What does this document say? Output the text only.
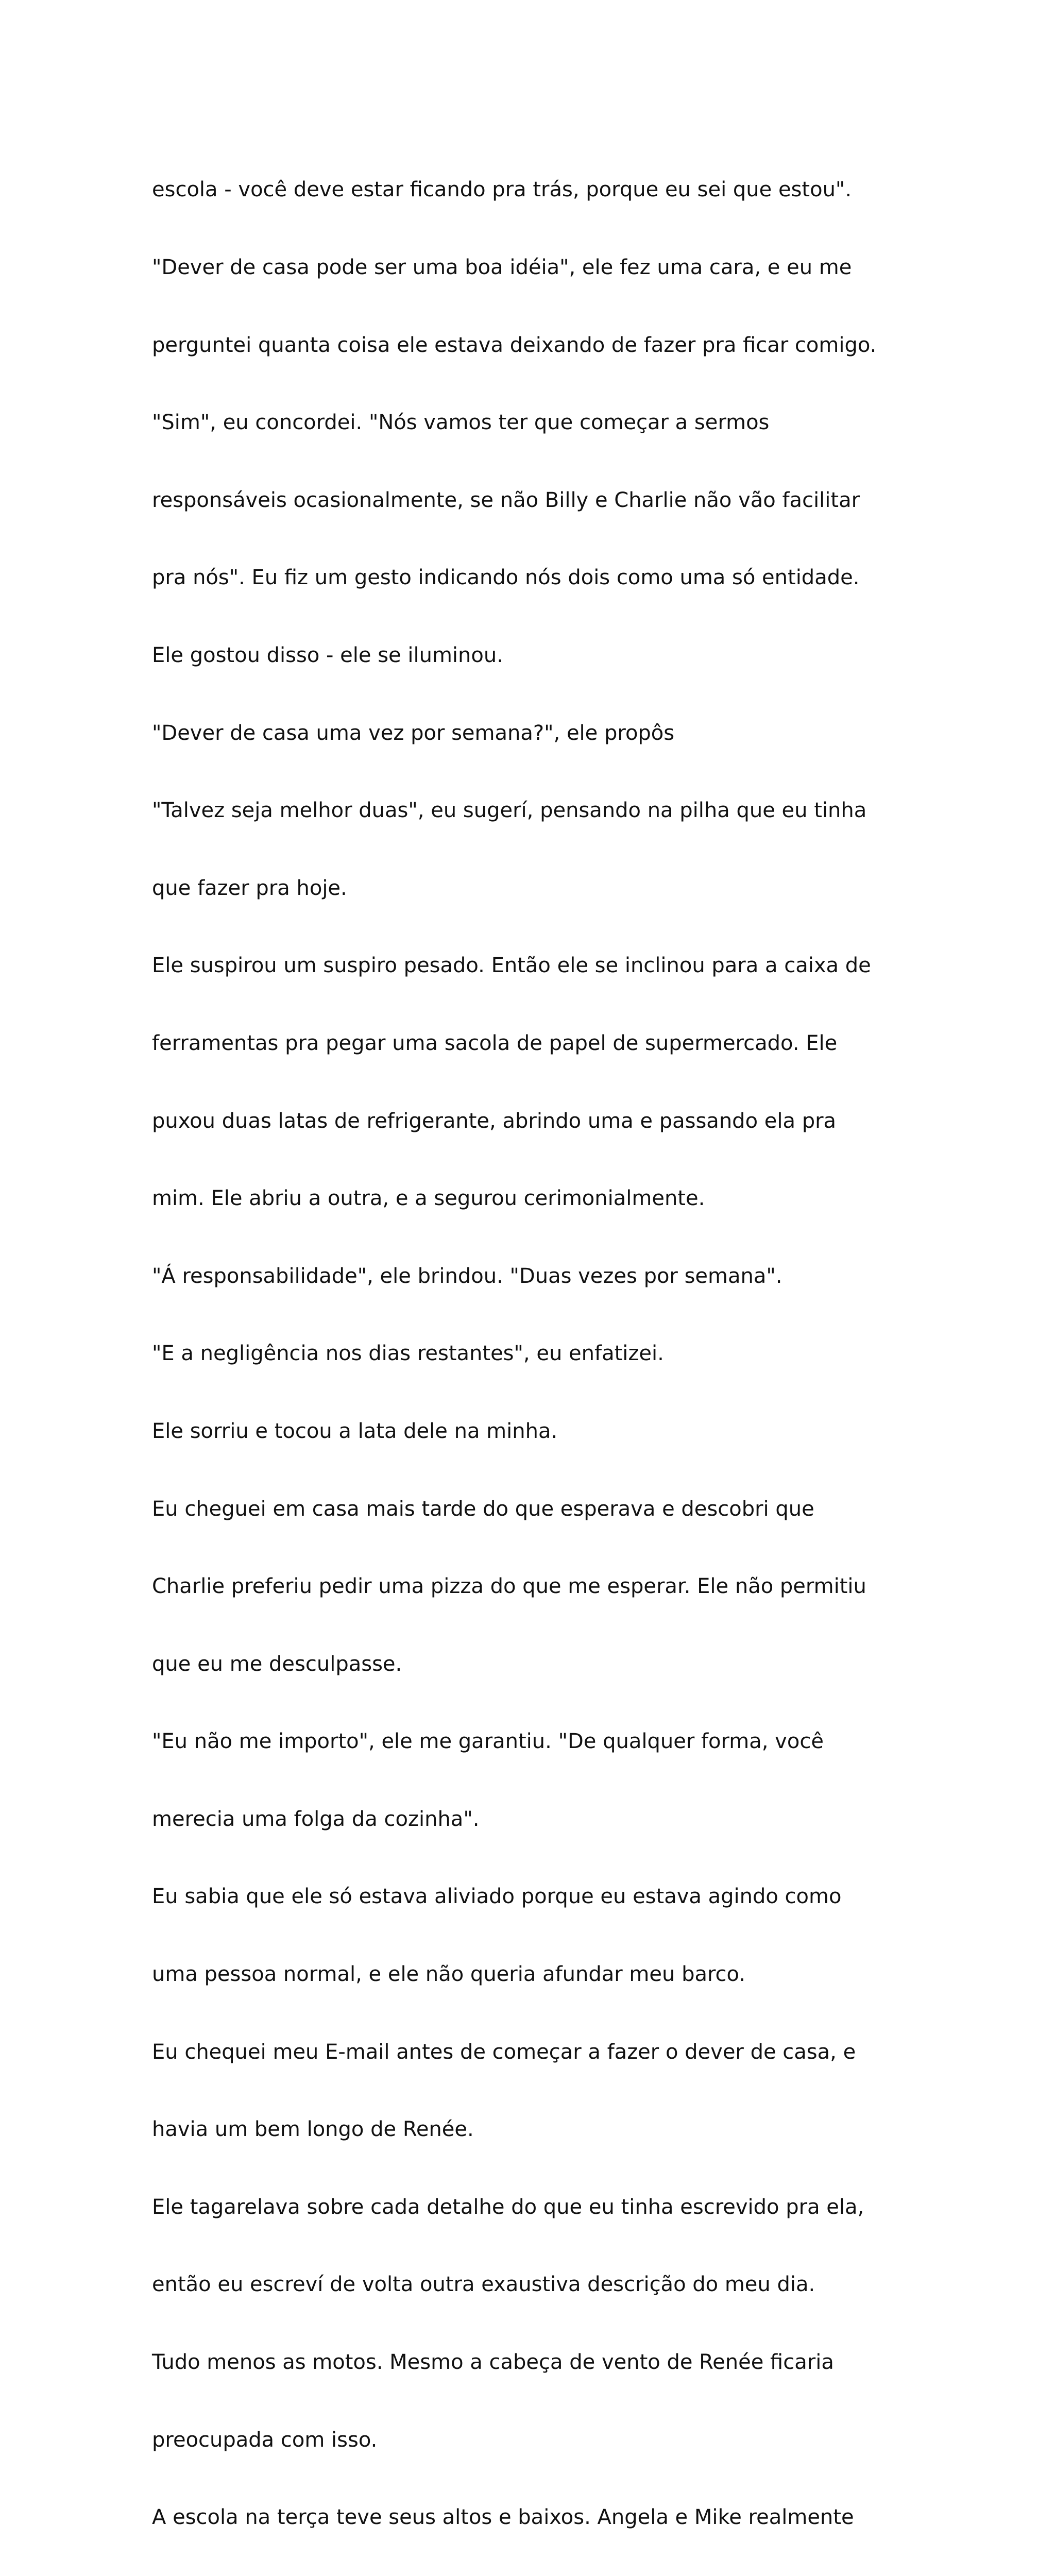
escola - você deve estar ficando pra trás, porque eu sei que estou".

"Dever de casa pode ser uma boa idéia", ele fez uma cara, e eu me

perguntei quanta coisa ele estava deixando de fazer pra ficar comigo.

"Sim", eu concordei. "Nós vamos ter que começar a sermos

responsáveis ocasionalmente, se não Billy e Charlie não vão facilitar

pra nós". Eu fiz um gesto indicando nós dois como uma só entidade.

Ele gostou disso - ele se iluminou.

"Dever de casa uma vez por semana?", ele propôs

"Talvez seja melhor duas", eu sugerí, pensando na pilha que eu tinha

que fazer pra hoje.

Ele suspirou um suspiro pesado. Então ele se inclinou para a caixa de

ferramentas pra pegar uma sacola de papel de supermercado. Ele

puxou duas latas de refrigerante, abrindo uma e passando ela pra

mim. Ele abriu a outra, e a segurou cerimonialmente.

"Á responsabilidade", ele brindou. "Duas vezes por semana".

"E a negligência nos dias restantes", eu enfatizei.

Ele sorriu e tocou a lata dele na minha.

Eu cheguei em casa mais tarde do que esperava e descobri que

Charlie preferiu pedir uma pizza do que me esperar. Ele não permitiu

que eu me desculpasse.

"Eu não me importo", ele me garantiu. "De qualquer forma, você

merecia uma folga da cozinha".

Eu sabia que ele só estava aliviado porque eu estava agindo como

uma pessoa normal, e ele não queria afundar meu barco.

Eu chequei meu E-mail antes de começar a fazer o dever de casa, e

havia um bem longo de Renée.

Ele tagarelava sobre cada detalhe do que eu tinha escrevido pra ela,

então eu escreví de volta outra exaustiva descrição do meu dia.

Tudo menos as motos. Mesmo a cabeça de vento de Renée ficaria

preocupada com isso.

A escola na terça teve seus altos e baixos. Angela e Mike realmente
